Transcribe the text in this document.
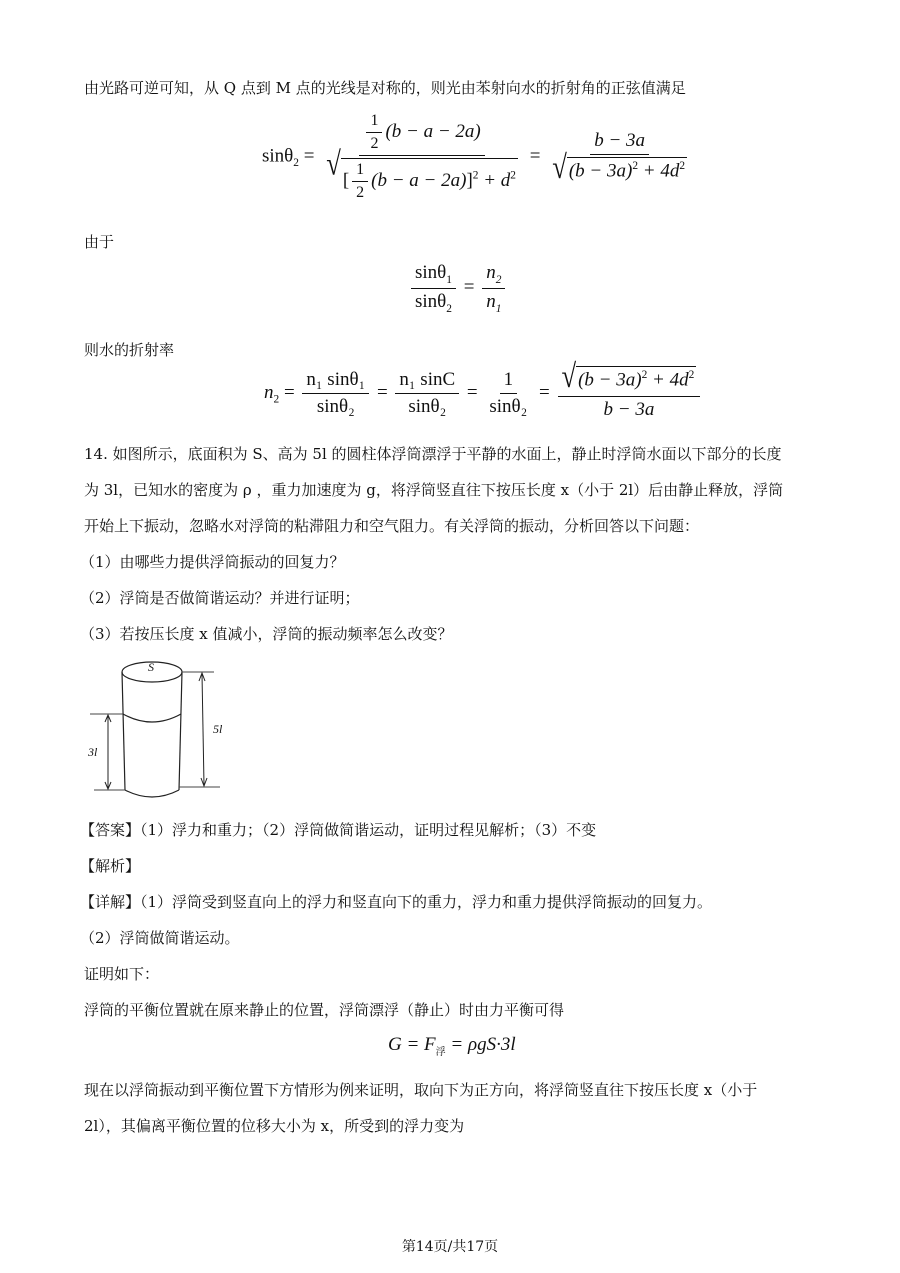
由光路可逆可知，从 Q 点到 M 点的光线是对称的，则光由苯射向水的折射角的正弦值满足
$\sin\theta_2 = \frac{\frac{1}{2} (b - a - 2a)}{√ [ \frac{1}{2} (b - a - 2a)]^2 + d^2} = \frac{b - 3a}{√ (b - 3a)^2 + 4d^2}$
由于
$\frac{\sin\theta_1}{\sin\theta_2} = \frac{n_2}{n_1}$
则水的折射率
$n_2 = \frac{\text{n₁ sinθ₁}}{\text{sinθ₂}} = \frac{\text{n₁ sinC}}{\text{sinθ₂}} = \frac{1}{\text{sinθ₂}} = \frac{√ (b - 3a)^2 + 4d^2}{b - 3a}$
14. 如图所示，底面积为 S、高为 5l 的圆柱体浮筒漂浮于平静的水面上，静止时浮筒水面以下部分的长度
为 3l，已知水的密度为 ρ ，重力加速度为 g，将浮筒竖直往下按压长度 x（小于 2l）后由静止释放，浮筒
开始上下振动，忽略水对浮筒的粘滞阻力和空气阻力。有关浮筒的振动，分析回答以下问题：
（1）由哪些力提供浮筒振动的回复力？
（2）浮筒是否做简谐运动？并进行证明；
（3）若按压长度 x 值减小，浮筒的振动频率怎么改变？
S
3l
5l
【答案】（1）浮力和重力；（2）浮筒做简谐运动，证明过程见解析；（3）不变
【解析】
【详解】（1）浮筒受到竖直向上的浮力和竖直向下的重力，浮力和重力提供浮筒振动的回复力。
（2）浮筒做简谐运动。
证明如下：
浮筒的平衡位置就在原来静止的位置，浮筒漂浮（静止）时由力平衡可得
$G = F_浮 = \rho gS\cdot 3l$
现在以浮筒振动到平衡位置下方情形为例来证明，取向下为正方向，将浮筒竖直往下按压长度 x（小于
2l），其偏离平衡位置的位移大小为 x，所受到的浮力变为
第14页/共17页
